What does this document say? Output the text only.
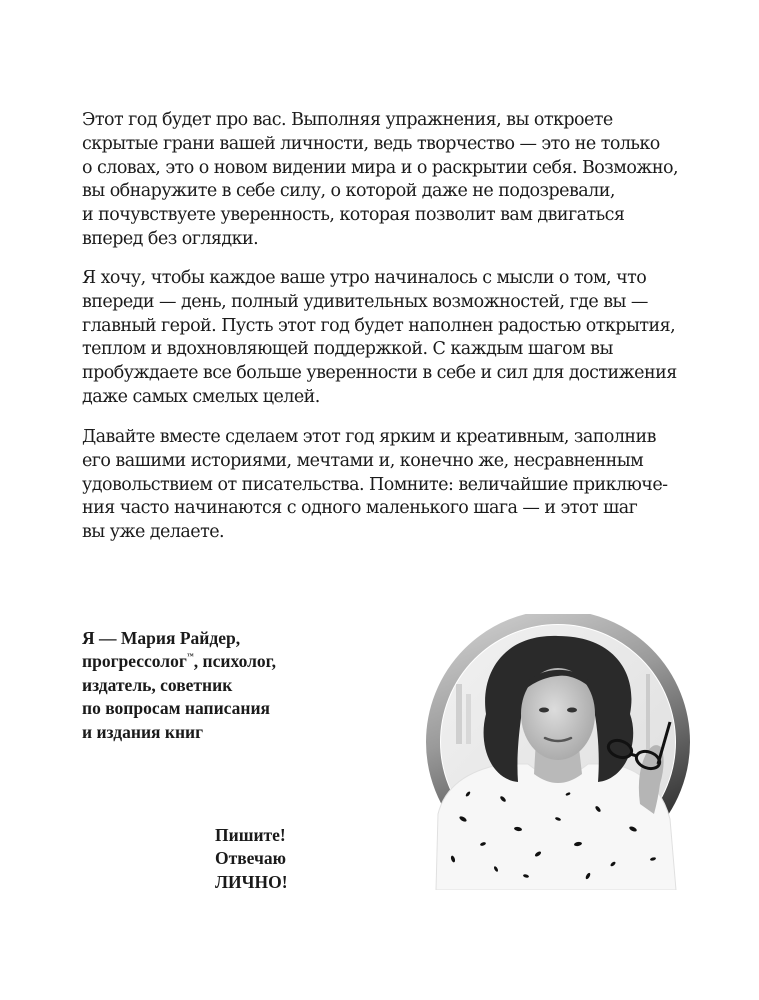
Этот год будет про вас. Выполняя упражнения, вы откроете
скрытые грани вашей личности, ведь творчество — это не только
о словах, это о новом видении мира и о раскрытии себя. Возможно,
вы обнаружите в себе силу, о которой даже не подозревали,
и почувствуете уверенность, которая позволит вам двигаться
вперед без оглядки.
Я хочу, чтобы каждое ваше утро начиналось с мысли о том, что
впереди — день, полный удивительных возможностей, где вы —
главный герой. Пусть этот год будет наполнен радостью открытия,
теплом и вдохновляющей поддержкой. С каждым шагом вы
пробуждаете все больше уверенности в себе и сил для достижения
даже самых смелых целей.
Давайте вместе сделаем этот год ярким и креативным, заполнив
его вашими историями, мечтами и, конечно же, несравненным
удовольствием от писательства. Помните: величайшие приключе-
ния часто начинаются с одного маленького шага — и этот шаг
вы уже делаете.
Я — Мария Райдер,
прогрессолог™, психолог,
издатель, советник
по вопросам написания
и издания книг
Пишите!
Отвечаю
ЛИЧНО!
